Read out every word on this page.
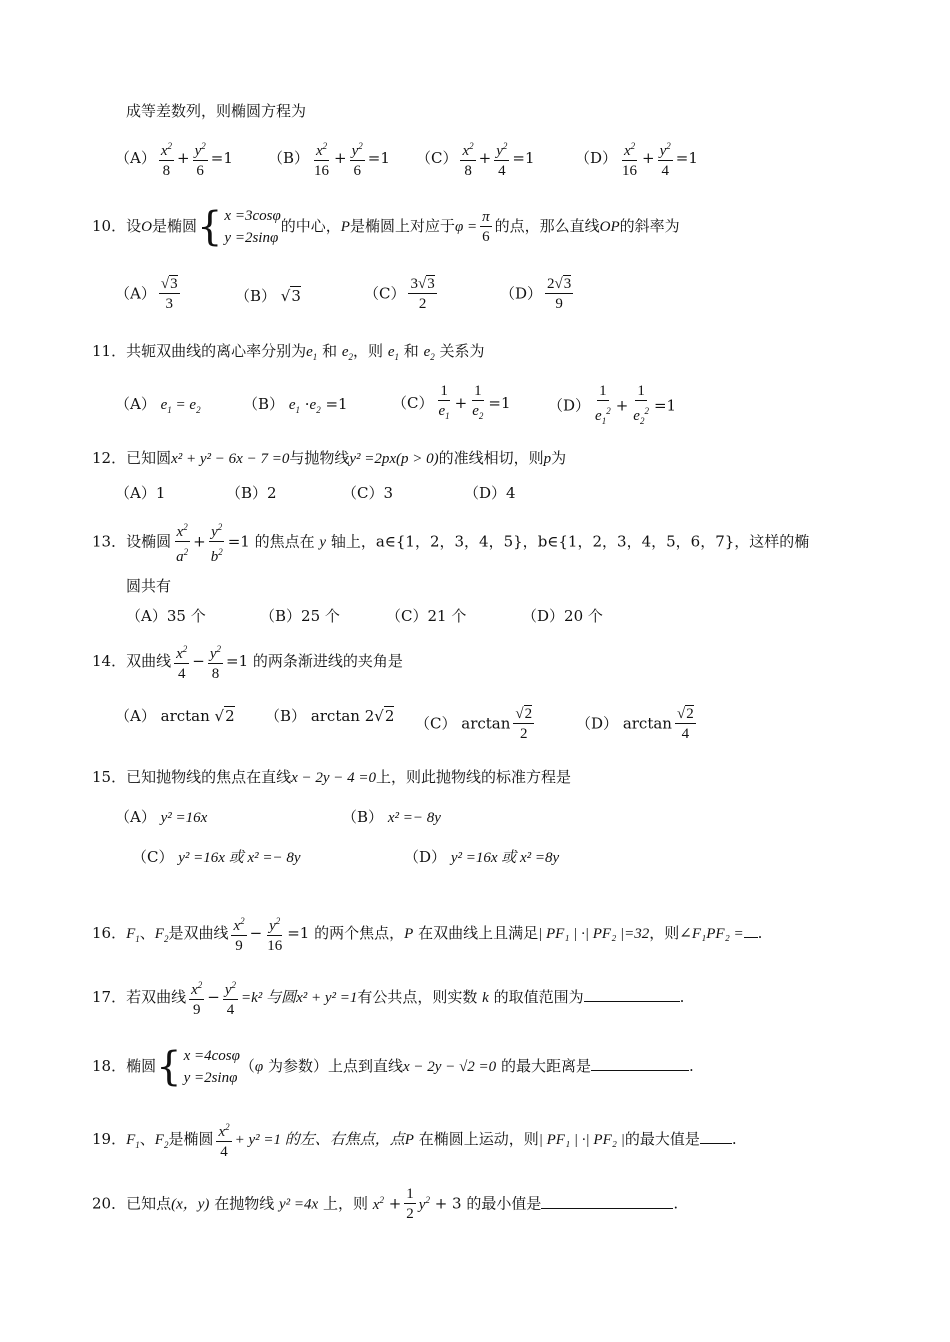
成等差数列，则椭圆方程为
$(A) \frac{x^2}{8} + \frac{y^2}{6} =1$ $(B) \frac{x^2}{16} + \frac{y^2}{6} =1$ $(C) \frac{x^2}{8} + \frac{y^2}{4} =1$	$(D) \frac{x^2}{16} + \frac{y^2}{4} =1$
10．设O是椭圆{ x =3cosφ
y =2sinφ
的中心，P是椭圆上对应于$\varphi = \frac{\pi}{6}$ 的点，那么直线OP的斜率为
$(A) \frac{√3}{3}$	（B） √3	$(C) \frac{3√3}{2}$	$(D) \frac{2√3}{9}$
11．共轭双曲线的离心率分别为$e_1$ 和 $e_2$，则 $e_1$ 和 $e_2$ 关系为
（A） $e_1 = e_2$	（B） $e_1 \cdot e_2 =1$	$(C) \frac{1}{e_1} + \frac{1}{e_2} =1$ $(D) \frac{1}{e_1^2} + \frac{1}{e_2^2} =1$
12．已知圆x² + y² − 6x − 7 =0与抛物线y² =2px(p > 0)的准线相切，则p为
（A）1	（B）2	（C）3	（D）4
13．设椭圆 $\frac{x^2}{a^2} + \frac{y^2}{b^2} =1$ 的焦点在 y 轴上，a∈{1，2，3，4，5}，b∈{1，2，3，4，5，6，7}，这样的椭
圆共有
（A）35 个	（B）25 个	（C）21 个	（D）20 个
14．双曲线 $\frac{x^2}{4} - \frac{y^2}{8} =1$ 的两条渐进线的夹角是
（A） arctan √2 （B） arctan 2√2 （C） $\arctan \frac{√2}{2}$	（D） $\arctan \frac{√2}{4}$
15．已知抛物线的焦点在直线x − 2y − 4 =0上，则此抛物线的标准方程是
（A） y² =16x	（B） x² =− 8y
（C） y² =16x 或 x² =− 8y	（D） y² =16x 或 x² =8y
16．$F_1$、$F_2$是双曲线 $\frac{x^2}{9} - \frac{y^2}{16} =1$ 的两个焦点，P 在双曲线上且满足| PF₁ | ·| PF₂ |=32，则∠F₁PF₂ = .
17．若双曲线 $\frac{x^2}{9} - \frac{y^2}{4} =k^2$ 与圆x² + y² =1有公共点，则实数 k 的取值范围为	.
18．椭圆{ x =4cosφ
y =2sinφ
（φ 为参数）上点到直线x − 2y − √2 =0 的最大距离是	.
19．$F_1$、$F_2$是椭圆 $\frac{x^2}{4} + y^2 =1$ 的左、右焦点，点P 在椭圆上运动，则| PF₁ | ·| PF₂ |的最大值是 .
20．已知点(x，y) 在抛物线 y² =4x 上，则 $x^2 + \frac{1}{2} y^2 + 3$ 的最小值是	.
